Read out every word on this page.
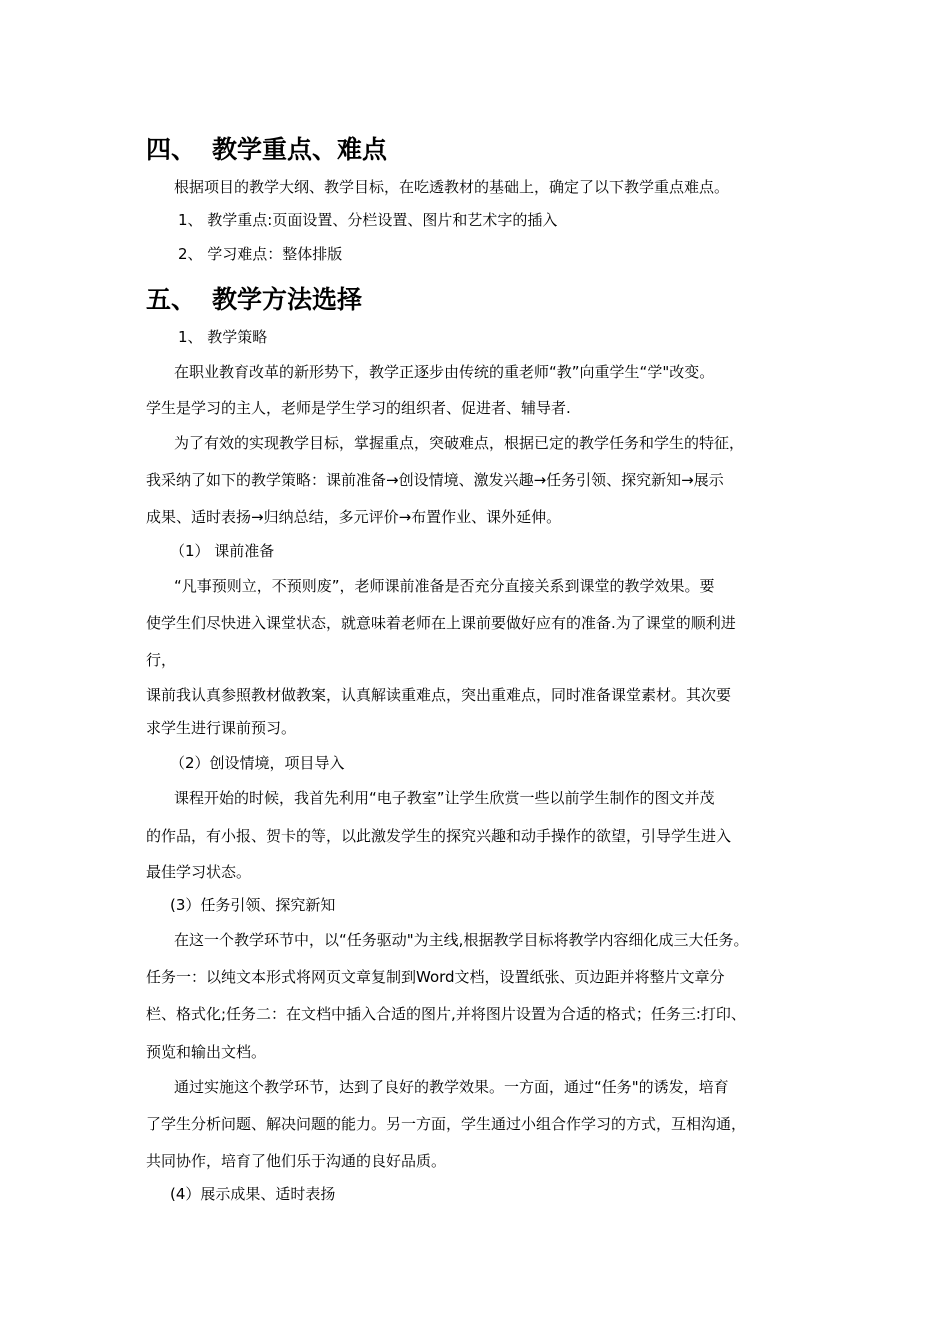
四、 教学重点、难点
根据项目的教学大纲、教学目标，在吃透教材的基础上，确定了以下教学重点难点。
1、 教学重点:页面设置、分栏设置、图片和艺术字的插入
2、 学习难点：整体排版
五、 教学方法选择
1、 教学策略
在职业教育改革的新形势下，教学正逐步由传统的重老师“教”向重学生“学"改变。
学生是学习的主人，老师是学生学习的组织者、促进者、辅导者.
为了有效的实现教学目标，掌握重点，突破难点，根据已定的教学任务和学生的特征，
我采纳了如下的教学策略：课前准备→创设情境、激发兴趣→任务引领、探究新知→展示
成果、适时表扬→归纳总结，多元评价→布置作业、课外延伸。
（1） 课前准备
“凡事预则立，不预则废”，老师课前准备是否充分直接关系到课堂的教学效果。要
使学生们尽快进入课堂状态，就意味着老师在上课前要做好应有的准备.为了课堂的顺利进
行，
课前我认真参照教材做教案，认真解读重难点，突出重难点，同时准备课堂素材。其次要
求学生进行课前预习。
（2）创设情境，项目导入
课程开始的时候，我首先利用“电子教室”让学生欣赏一些以前学生制作的图文并茂
的作品，有小报、贺卡的等，以此激发学生的探究兴趣和动手操作的欲望，引导学生进入
最佳学习状态。
(3）任务引领、探究新知
在这一个教学环节中，以“任务驱动"为主线,根据教学目标将教学内容细化成三大任务。
任务一：以纯文本形式将网页文章复制到Word文档，设置纸张、页边距并将整片文章分
栏、格式化;任务二：在文档中插入合适的图片,并将图片设置为合适的格式；任务三:打印、
预览和输出文档。
通过实施这个教学环节，达到了良好的教学效果。一方面，通过“任务"的诱发，培育
了学生分析问题、解决问题的能力。另一方面，学生通过小组合作学习的方式，互相沟通，
共同协作，培育了他们乐于沟通的良好品质。
(4）展示成果、适时表扬
